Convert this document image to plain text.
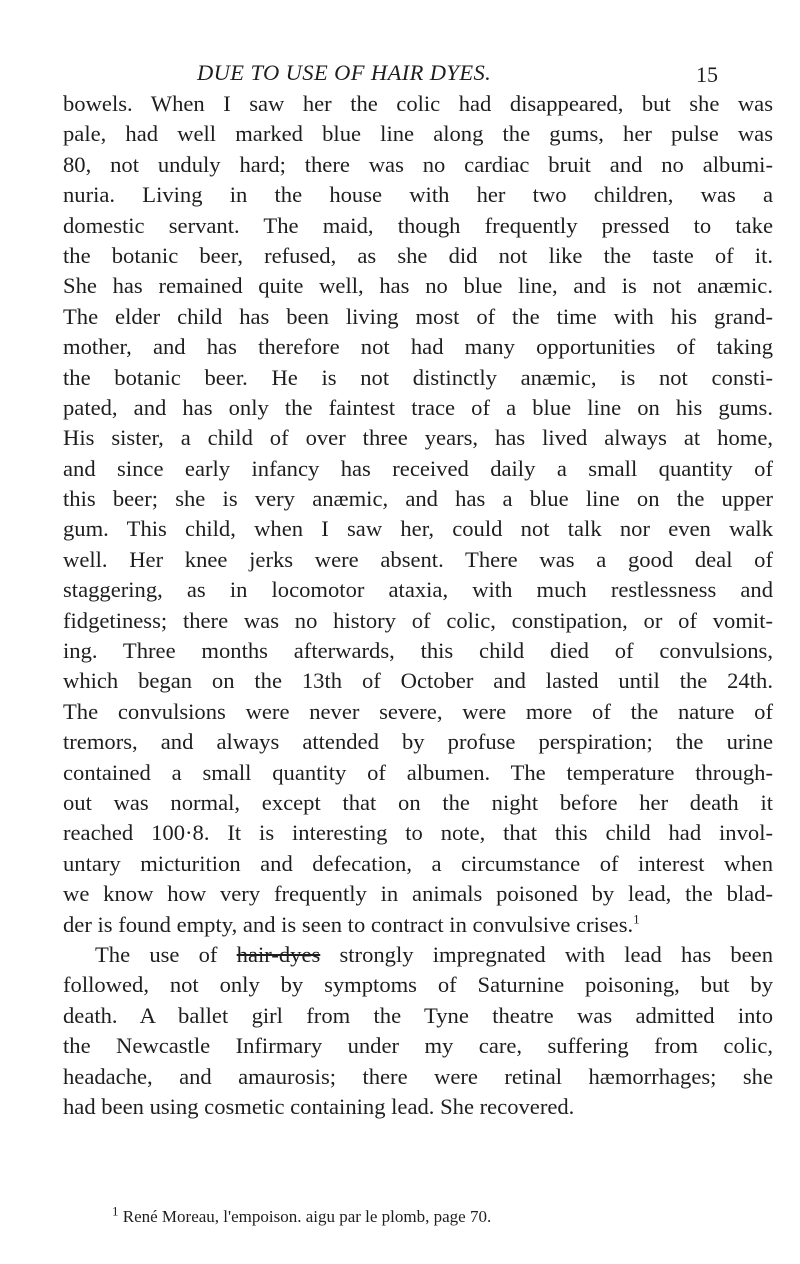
DUE TO USE OF HAIR DYES.	15
bowels. When I saw her the colic had disappeared, but she was
pale, had well marked blue line along the gums, her pulse was
80, not unduly hard; there was no cardiac bruit and no albumi-
nuria. Living in the house with her two children, was a
domestic servant. The maid, though frequently pressed to take
the botanic beer, refused, as she did not like the taste of it.
She has remained quite well, has no blue line, and is not anæmic.
The elder child has been living most of the time with his grand-
mother, and has therefore not had many opportunities of taking
the botanic beer. He is not distinctly anæmic, is not consti-
pated, and has only the faintest trace of a blue line on his gums.
His sister, a child of over three years, has lived always at home,
and since early infancy has received daily a small quantity of
this beer; she is very anæmic, and has a blue line on the upper
gum. This child, when I saw her, could not talk nor even walk
well. Her knee jerks were absent. There was a good deal of
staggering, as in locomotor ataxia, with much restlessness and
fidgetiness; there was no history of colic, constipation, or of vomit-
ing. Three months afterwards, this child died of convulsions,
which began on the 13th of October and lasted until the 24th.
The convulsions were never severe, were more of the nature of
tremors, and always attended by profuse perspiration; the urine
contained a small quantity of albumen. The temperature through-
out was normal, except that on the night before her death it
reached 100·8. It is interesting to note, that this child had invol-
untary micturition and defecation, a circumstance of interest when
we know how very frequently in animals poisoned by lead, the blad-
der is found empty, and is seen to contract in convulsive crises.$^1$
The use of hair-dyes strongly impregnated with lead has been
followed, not only by symptoms of Saturnine poisoning, but by
death. A ballet girl from the Tyne theatre was admitted into
the Newcastle Infirmary under my care, suffering from colic,
headache, and amaurosis; there were retinal hæmorrhages; she
had been using cosmetic containing lead. She recovered.
$^1$ René Moreau, l'empoison. aigu par le plomb, page 70.
